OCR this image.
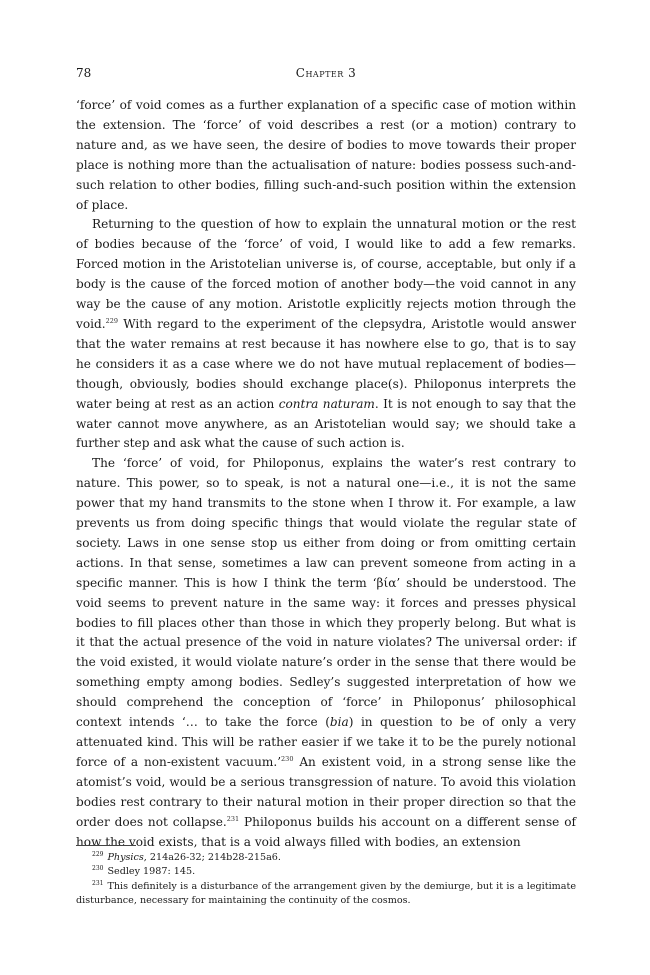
78	Chapter 3

‘force’ of void comes as a further explanation of a specific case of motion within the extension. The ‘force’ of void describes a rest (or a motion) contrary to nature and, as we have seen, the desire of bodies to move towards their proper place is nothing more than the actualisation of nature: bodies possess such-and-such relation to other bodies, filling such-and-such position within the extension of place.

Returning to the question of how to explain the unnatural motion or the rest of bodies because of the ‘force’ of void, I would like to add a few remarks. Forced motion in the Aristotelian universe is, of course, acceptable, but only if a body is the cause of the forced motion of another body—the void cannot in any way be the cause of any motion. Aristotle explicitly rejects motion through the void.$^{229}$ With regard to the experiment of the clepsydra, Aristotle would answer that the water remains at rest because it has nowhere else to go, that is to say he considers it as a case where we do not have mutual replacement of bodies—though, obviously, bodies should exchange place(s). Philoponus interprets the water being at rest as an action contra naturam. It is not enough to say that the water cannot move anywhere, as an Aristotelian would say; we should take a further step and ask what the cause of such action is.

The ‘force’ of void, for Philoponus, explains the water’s rest contrary to nature. This power, so to speak, is not a natural one—i.e., it is not the same power that my hand transmits to the stone when I throw it. For example, a law prevents us from doing specific things that would violate the regular state of society. Laws in one sense stop us either from doing or from omitting certain actions. In that sense, sometimes a law can prevent someone from acting in a specific manner. This is how I think the term ‘βία’ should be understood. The void seems to prevent nature in the same way: it forces and presses physical bodies to fill places other than those in which they properly belong. But what is it that the actual presence of the void in nature violates? The universal order: if the void existed, it would violate nature’s order in the sense that there would be something empty among bodies. Sedley’s suggested interpretation of how we should comprehend the conception of ‘force’ in Philoponus’ philosophical context intends ‘… to take the force (bia) in question to be of only a very attenuated kind. This will be rather easier if we take it to be the purely notional force of a non-existent vacuum.’$^{230}$ An existent void, in a strong sense like the atomist’s void, would be a serious transgression of nature. To avoid this violation bodies rest contrary to their natural motion in their proper direction so that the order does not collapse.$^{231}$ Philoponus builds his account on a different sense of how the void exists, that is a void always filled with bodies, an extension

$^{229}$ Physics, 214a26-32; 214b28-215a6.

$^{230}$ Sedley 1987: 145.

$^{231}$ This definitely is a disturbance of the arrangement given by the demiurge, but it is a legitimate disturbance, necessary for maintaining the continuity of the cosmos.
